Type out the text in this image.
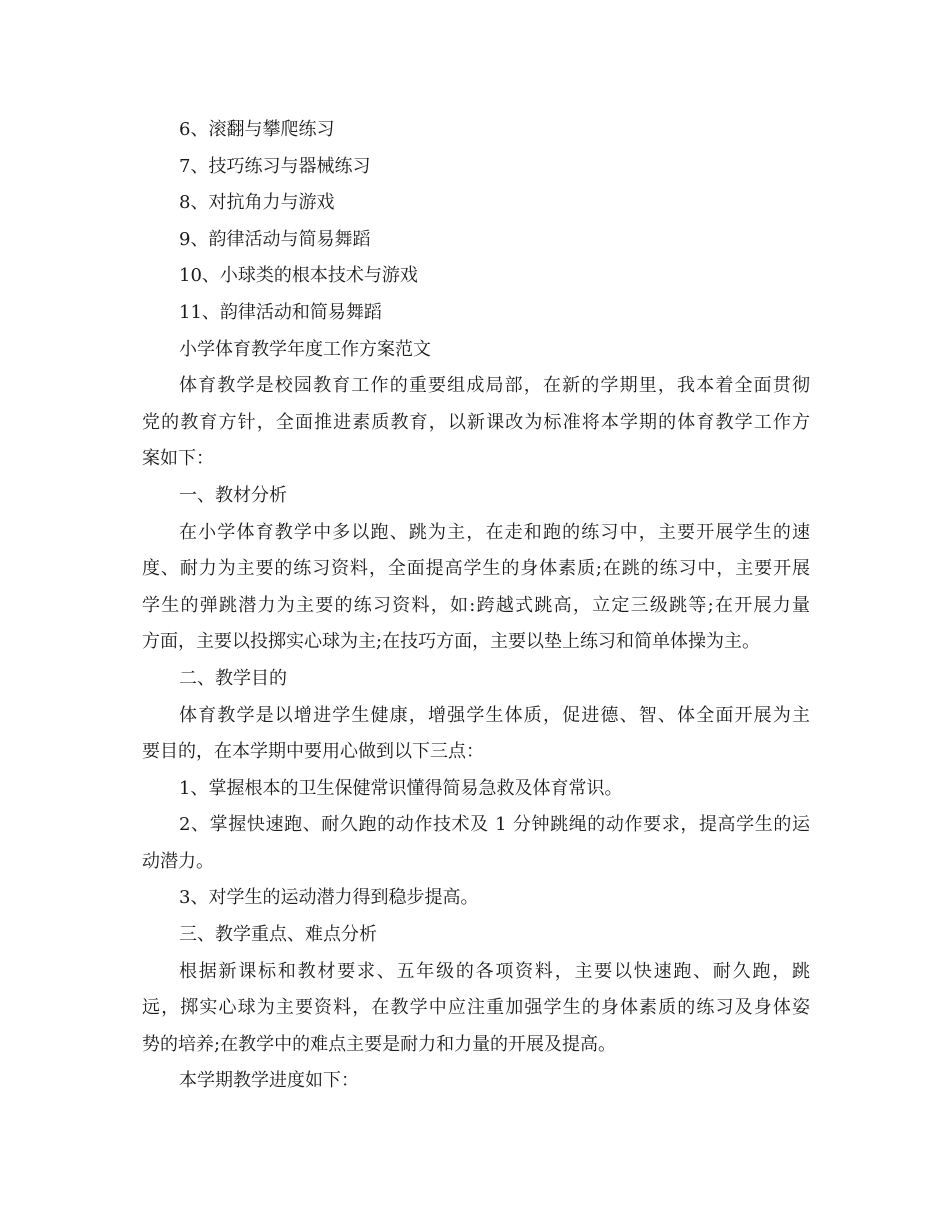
6、滚翻与攀爬练习

7、技巧练习与器械练习

8、对抗角力与游戏

9、韵律活动与简易舞蹈

10、小球类的根本技术与游戏

11、韵律活动和简易舞蹈

小学体育教学年度工作方案范文

体育教学是校园教育工作的重要组成局部，在新的学期里，我本着全面贯彻

党的教育方针，全面推进素质教育，以新课改为标准将本学期的体育教学工作方

案如下：

一、教材分析

在小学体育教学中多以跑、跳为主，在走和跑的练习中，主要开展学生的速

度、耐力为主要的练习资料，全面提高学生的身体素质;在跳的练习中，主要开展

学生的弹跳潜力为主要的练习资料，如:跨越式跳高，立定三级跳等;在开展力量

方面，主要以投掷实心球为主;在技巧方面，主要以垫上练习和简单体操为主。

二、教学目的

体育教学是以增进学生健康，增强学生体质，促进德、智、体全面开展为主

要目的，在本学期中要用心做到以下三点：

1、掌握根本的卫生保健常识懂得简易急救及体育常识。

2、掌握快速跑、耐久跑的动作技术及 1 分钟跳绳的动作要求，提高学生的运

动潜力。

3、对学生的运动潜力得到稳步提高。

三、教学重点、难点分析

根据新课标和教材要求、五年级的各项资料，主要以快速跑、耐久跑，跳

远，掷实心球为主要资料，在教学中应注重加强学生的身体素质的练习及身体姿

势的培养;在教学中的难点主要是耐力和力量的开展及提高。

本学期教学进度如下：
